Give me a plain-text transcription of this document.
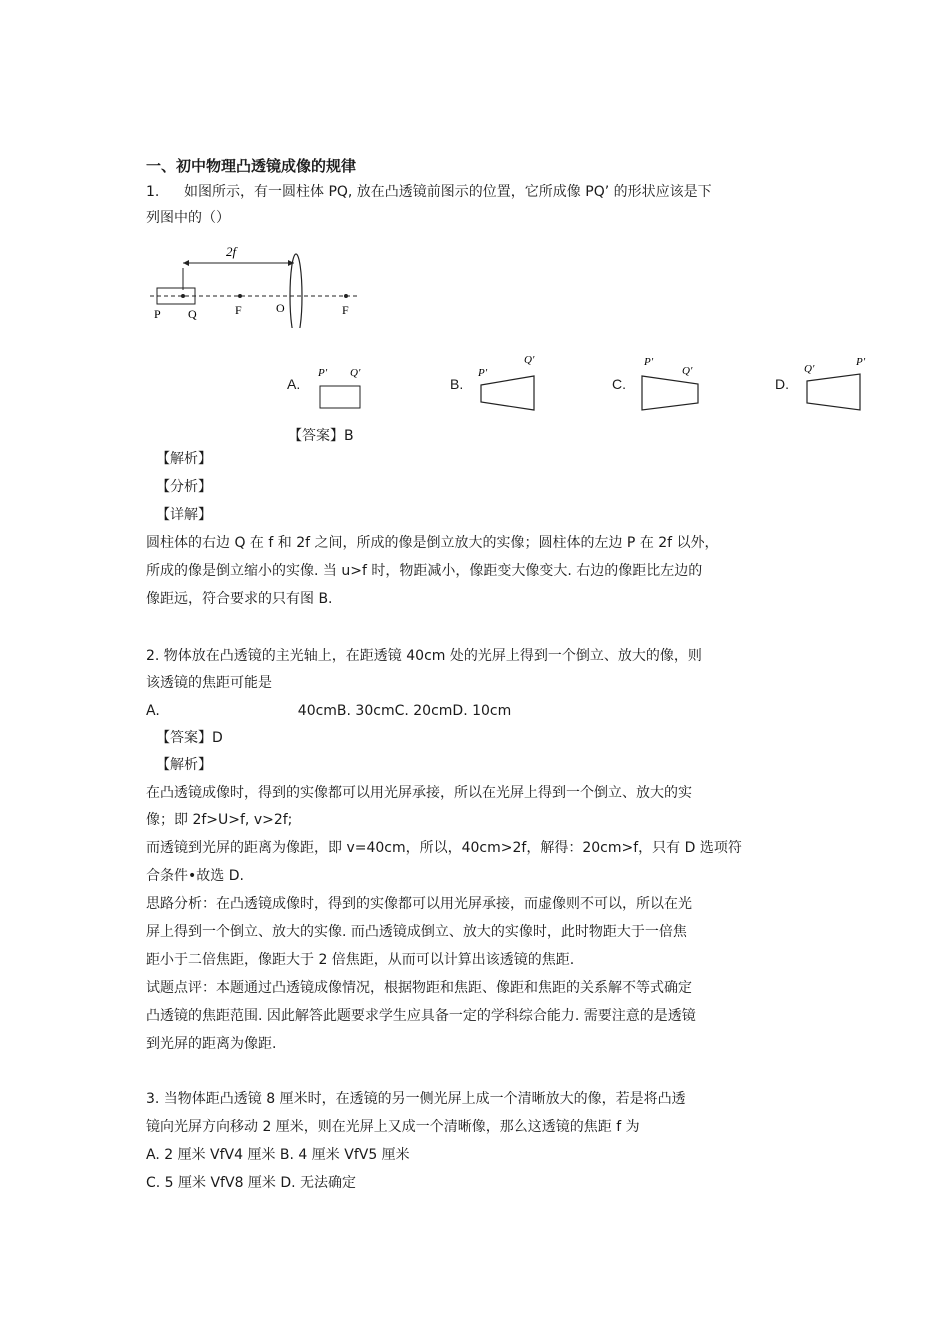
一、初中物理凸透镜成像的规律
1. 如图所示，有一圆柱体 PQ, 放在凸透镜前图示的位置，它所成像 PQ’ 的形状应该是下
列图中的（）
2f
P Q	F	O	F
A.
P′ Q′
B.
P′
Q′
C.
P′
Q′
D.
Q′
P′
【答案】B
【解析】
【分析】
【详解】
圆柱体的右边 Q 在 f 和 2f 之间，所成的像是倒立放大的实像；圆柱体的左边 P 在 2f 以外，
所成的像是倒立缩小的实像. 当 u>f 时，物距减小，像距变大像变大. 右边的像距比左边的
像距远，符合要求的只有图 B.
2. 物体放在凸透镜的主光轴上，在距透镜 40cm 处的光屏上得到一个倒立、放大的像，则
该透镜的焦距可能是
A.	40cmB. 30cmC. 20cmD. 10cm
【答案】D
【解析】
在凸透镜成像时，得到的实像都可以用光屏承接，所以在光屏上得到一个倒立、放大的实
像；即 2f>U>f, v>2f;
而透镜到光屏的距离为像距，即 v=40cm，所以，40cm>2f，解得：20cm>f，只有 D 选项符
合条件•故选 D.
思路分析：在凸透镜成像时，得到的实像都可以用光屏承接，而虚像则不可以，所以在光
屏上得到一个倒立、放大的实像. 而凸透镜成倒立、放大的实像时，此时物距大于一倍焦
距小于二倍焦距，像距大于 2 倍焦距，从而可以计算出该透镜的焦距.
试题点评：本题通过凸透镜成像情况，根据物距和焦距、像距和焦距的关系解不等式确定
凸透镜的焦距范围. 因此解答此题要求学生应具备一定的学科综合能力. 需要注意的是透镜
到光屏的距离为像距.
3. 当物体距凸透镜 8 厘米时，在透镜的另一侧光屏上成一个清晰放大的像，若是将凸透
镜向光屏方向移动 2 厘米，则在光屏上又成一个清晰像，那么这透镜的焦距 f 为
A. 2 厘米 VfV4 厘米 B. 4 厘米 VfV5 厘米
C. 5 厘米 VfV8 厘米 D. 无法确定
